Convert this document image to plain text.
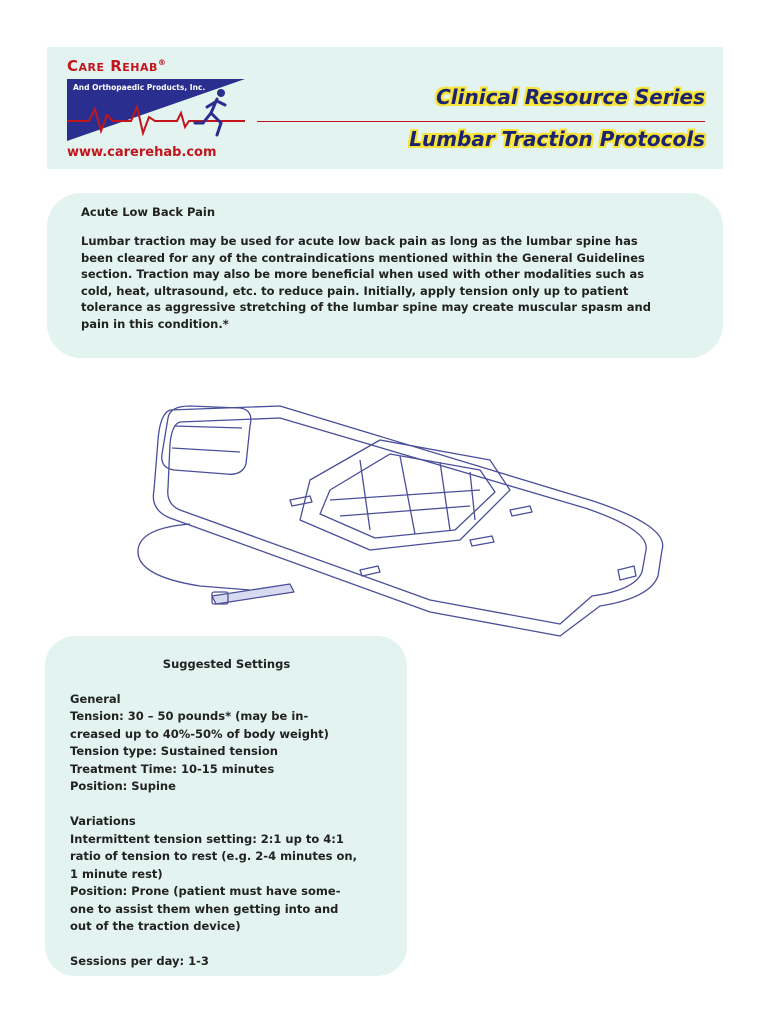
Care Rehab®
And Orthopaedic Products, Inc.
www.carerehab.com
Clinical Resource Series
Lumbar Traction Protocols

Acute Low Back Pain

Lumbar traction may be used for acute low back pain as long as the lumbar spine has
been cleared for any of the contraindications mentioned within the General Guidelines
section. Traction may also be more beneficial when used with other modalities such as
cold, heat, ultrasound, etc. to reduce pain. Initially, apply tension only up to patient
tolerance as aggressive stretching of the lumbar spine may create muscular spasm and
pain in this condition.*

Suggested Settings

General

Tension: 30 – 50 pounds* (may be in-

creased up to 40%-50% of body weight)

Tension type: Sustained tension

Treatment Time: 10-15 minutes

Position: Supine

Variations

Intermittent tension setting: 2:1 up to 4:1

ratio of tension to rest (e.g. 2-4 minutes on,

1 minute rest)

Position: Prone (patient must have some-

one to assist them when getting into and

out of the traction device)

Sessions per day: 1-3
